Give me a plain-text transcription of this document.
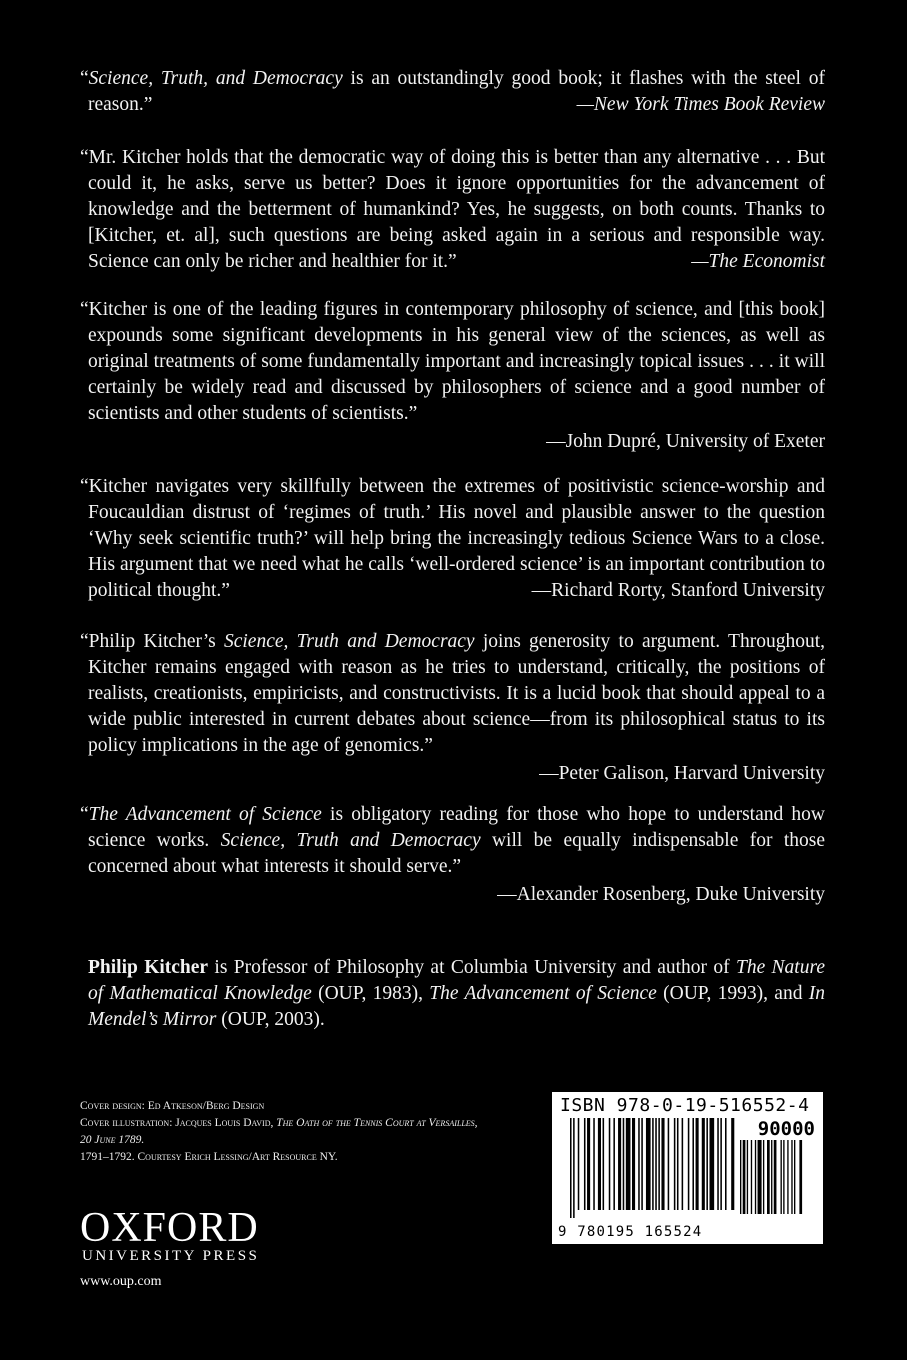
“Science, Truth, and Democracy is an outstandingly good book; it flashes with the steel of reason.”	—New York Times Book Review
“Mr. Kitcher holds that the democratic way of doing this is better than any alternative . . . But could it, he asks, serve us better? Does it ignore opportunities for the advancement of knowledge and the betterment of humankind? Yes, he suggests, on both counts. Thanks to [Kitcher, et. al], such questions are being asked again in a serious and responsible way. Science can only be richer and healthier for it.”	—The Economist
“Kitcher is one of the leading figures in contemporary philosophy of science, and [this book] expounds some significant developments in his general view of the sciences, as well as original treatments of some fundamentally important and increasingly topical issues . . . it will certainly be widely read and discussed by philosophers of science and a good number of scientists and other students of scientists.”
—John Dupré, University of Exeter
“Kitcher navigates very skillfully between the extremes of positivistic science-worship and Foucauldian distrust of ‘regimes of truth.’ His novel and plausible answer to the question ‘Why seek scientific truth?’ will help bring the increasingly tedious Science Wars to a close. His argument that we need what he calls ‘well-ordered science’ is an important contribution to political thought.”	—Richard Rorty, Stanford University
“Philip Kitcher’s Science, Truth and Democracy joins generosity to argument. Throughout, Kitcher remains engaged with reason as he tries to understand, critically, the positions of realists, creationists, empiricists, and constructivists. It is a lucid book that should appeal to a wide public interested in current debates about science—from its philosophical status to its policy implications in the age of genomics.”
—Peter Galison, Harvard University
“The Advancement of Science is obligatory reading for those who hope to understand how science works. Science, Truth and Democracy will be equally indispensable for those concerned about what interests it should serve.”
—Alexander Rosenberg, Duke University
Philip Kitcher is Professor of Philosophy at Columbia University and author of The Nature of Mathematical Knowledge (OUP, 1983), The Advancement of Science (OUP, 1993), and In Mendel’s Mirror (OUP, 2003).
Cover design: Ed Atkeson/Berg Design
Cover illustration: Jacques Louis David, The Oath of the Tennis Court at Versailles, 20 June 1789.
1791–1792. Courtesy Erich Lessing/Art Resource NY.
OXFORD
UNIVERSITY PRESS
www.oup.com
ISBN 978-0-19-516552-4
90000
9 780195 165524
